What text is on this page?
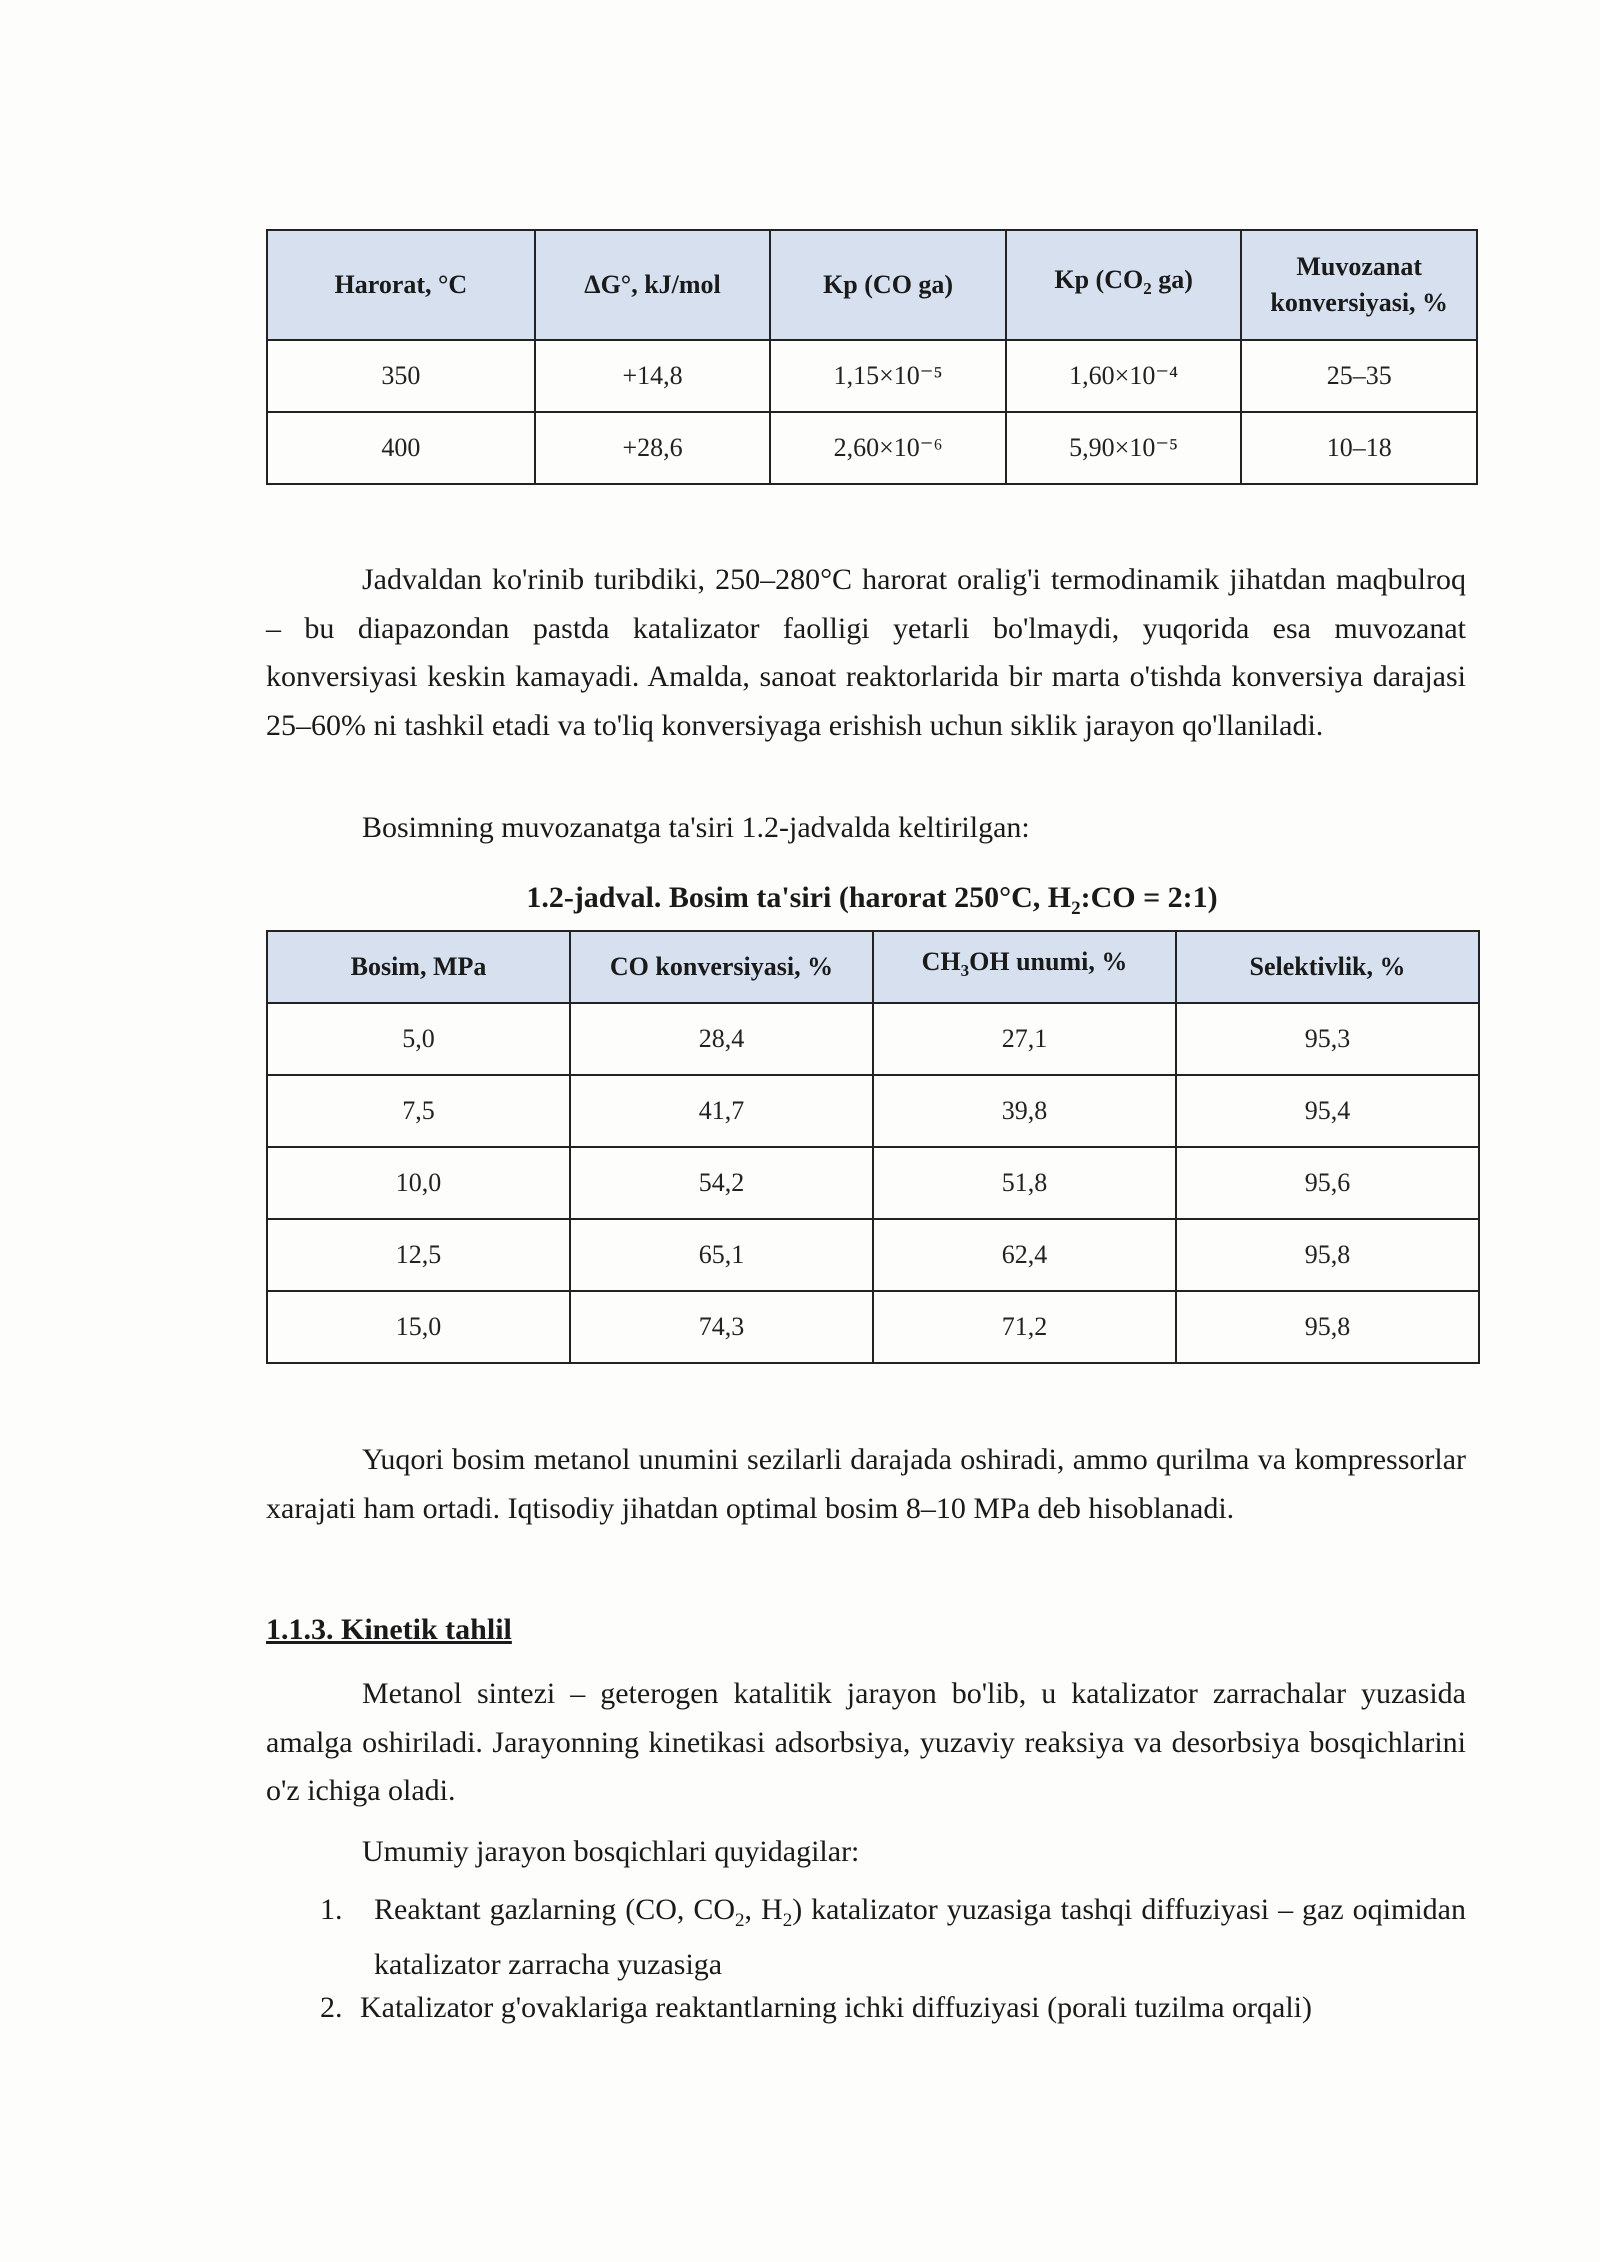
Harorat, °C	ΔG°, kJ/mol	Kp (CO ga)	Kp ($CO_2$ ga)	Muvozanat konversiyasi, %
350	+14,8	1,15×10⁻⁵	1,60×10⁻⁴	25–35
400	+28,6	2,60×10⁻⁶	5,90×10⁻⁵	10–18

Jadvaldan ko'rinib turibdiki, 250–280°C harorat oralig'i termodinamik jihatdan maqbulroq – bu diapazondan pastda katalizator faolligi yetarli bo'lmaydi, yuqorida esa muvozanat konversiyasi keskin kamayadi. Amalda, sanoat reaktorlarida bir marta o'tishda konversiya darajasi 25–60% ni tashkil etadi va to'liq konversiyaga erishish uchun siklik jarayon qo'llaniladi.

Bosimning muvozanatga ta'siri 1.2-jadvalda keltirilgan:

1.2-jadval. Bosim ta'siri (harorat 250°C, $H_2:CO$ = 2:1)

Bosim, MPa	CO konversiyasi, %	$CH_3OH$ unumi, %	Selektivlik, %
5,0	28,4	27,1	95,3
7,5	41,7	39,8	95,4
10,0	54,2	51,8	95,6
12,5	65,1	62,4	95,8
15,0	74,3	71,2	95,8

Yuqori bosim metanol unumini sezilarli darajada oshiradi, ammo qurilma va kompressorlar xarajati ham ortadi. Iqtisodiy jihatdan optimal bosim 8–10 MPa deb hisoblanadi.

1.1.3. Kinetik tahlil

Metanol sintezi – geterogen katalitik jarayon bo'lib, u katalizator zarrachalar yuzasida amalga oshiriladi. Jarayonning kinetikasi adsorbsiya, yuzaviy reaksiya va desorbsiya bosqichlarini o'z ichiga oladi.

Umumiy jarayon bosqichlari quyidagilar:

1. Reaktant gazlarning (CO, $CO_2$, $H_2$) katalizator yuzasiga tashqi diffuziyasi – gaz oqimidan katalizator zarracha yuzasiga
2. Katalizator g'ovaklariga reaktantlarning ichki diffuziyasi (porali tuzilma orqali)
